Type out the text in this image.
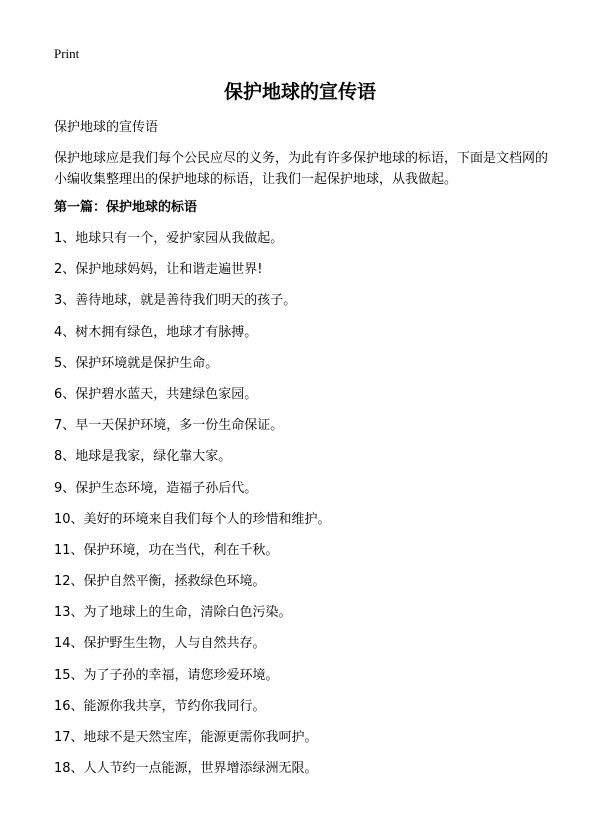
Print
保护地球的宣传语

保护地球的宣传语

保护地球应是我们每个公民应尽的义务，为此有许多保护地球的标语，下面是文档网的小编收集整理出的保护地球的标语，让我们一起保护地球，从我做起。

第一篇：保护地球的标语

1、地球只有一个，爱护家园从我做起。
2、保护地球妈妈，让和谐走遍世界!
3、善待地球，就是善待我们明天的孩子。
4、树木拥有绿色，地球才有脉搏。
5、保护环境就是保护生命。
6、保护碧水蓝天，共建绿色家园。
7、早一天保护环境，多一份生命保证。
8、地球是我家，绿化靠大家。
9、保护生态环境，造福子孙后代。
10、美好的环境来自我们每个人的珍惜和维护。
11、保护环境，功在当代，利在千秋。
12、保护自然平衡，拯救绿色环境。
13、为了地球上的生命，清除白色污染。
14、保护野生生物，人与自然共存。
15、为了子孙的幸福，请您珍爱环境。
16、能源你我共享，节约你我同行。
17、地球不是天然宝库，能源更需你我呵护。
18、人人节约一点能源，世界增添绿洲无限。
